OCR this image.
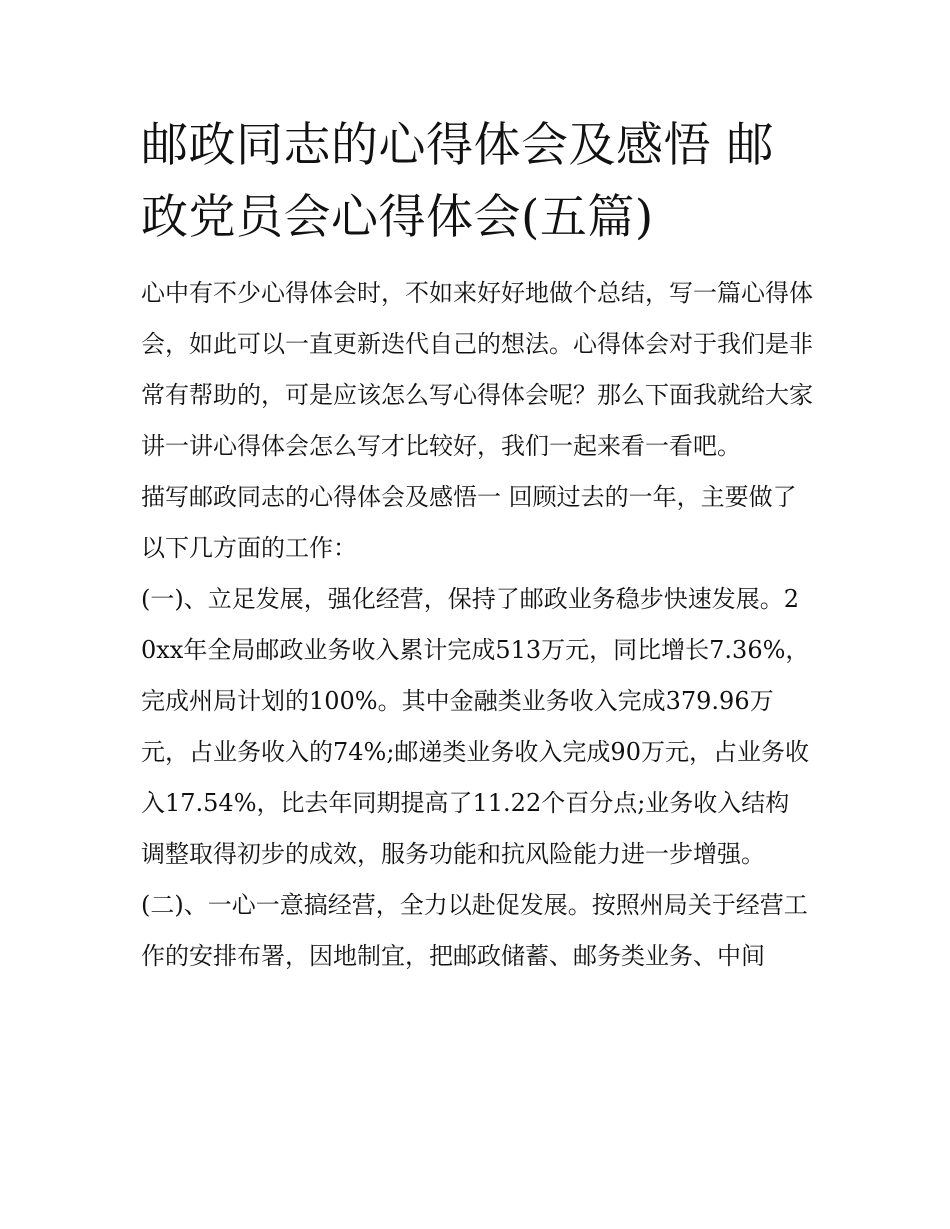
邮政同志的心得体会及感悟 邮政党员会心得体会(五篇)

心中有不少心得体会时，不如来好好地做个总结，写一篇心得体会，如此可以一直更新迭代自己的想法。心得体会对于我们是非常有帮助的，可是应该怎么写心得体会呢？那么下面我就给大家讲一讲心得体会怎么写才比较好，我们一起来看一看吧。

描写邮政同志的心得体会及感悟一 回顾过去的一年，主要做了以下几方面的工作：

(一)、立足发展，强化经营，保持了邮政业务稳步快速发展。20xx年全局邮政业务收入累计完成513万元，同比增长7.36%，完成州局计划的100%。其中金融类业务收入完成379.96万元，占业务收入的74%;邮递类业务收入完成90万元，占业务收入17.54%，比去年同期提高了11.22个百分点;业务收入结构调整取得初步的成效，服务功能和抗风险能力进一步增强。

(二)、一心一意搞经营，全力以赴促发展。按照州局关于经营工作的安排布署，因地制宜，把邮政储蓄、邮务类业务、中间
